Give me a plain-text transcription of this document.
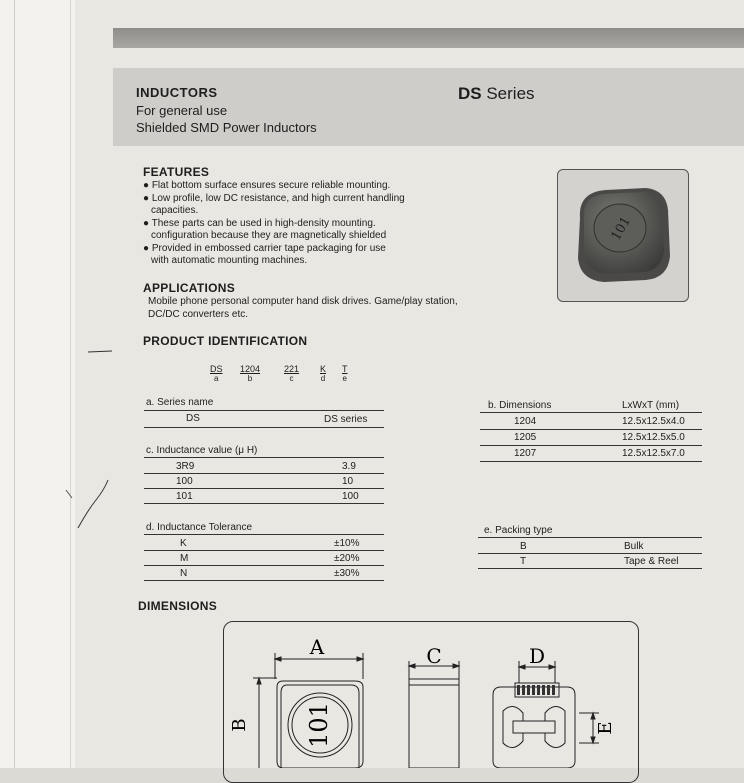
INDUCTORS
For general use
Shielded SMD Power Inductors
DS Series
FEATURES
● Flat bottom surface ensures secure reliable mounting.
● Low profile, low DC resistance, and high current handling
capacities.
● These parts can be used in high-density mounting.
configuration because they are magnetically shielded
● Provided in embossed carrier tape packaging for use
with automatic mounting machines.
APPLICATIONS
Mobile phone personal computer hand disk drives. Game/play station,
DC/DC converters etc.
101
PRODUCT IDENTIFICATION
DS
a
1204
b
221
c
K
d
T
e
a. Series name
DS	DS series
c. Inductance value (μ H)
3R9	3.9
100	10
101	100
d. Inductance Tolerance
K	±10%
M	±20%
N	±30%
b. Dimensions	LxWxT (mm)
1204	12.5x12.5x4.0
1205	12.5x12.5x5.0
1207	12.5x12.5x7.0
e. Packing type
B	Bulk
T	Tape & Reel
DIMENSIONS
A
B
C	D
E
101
